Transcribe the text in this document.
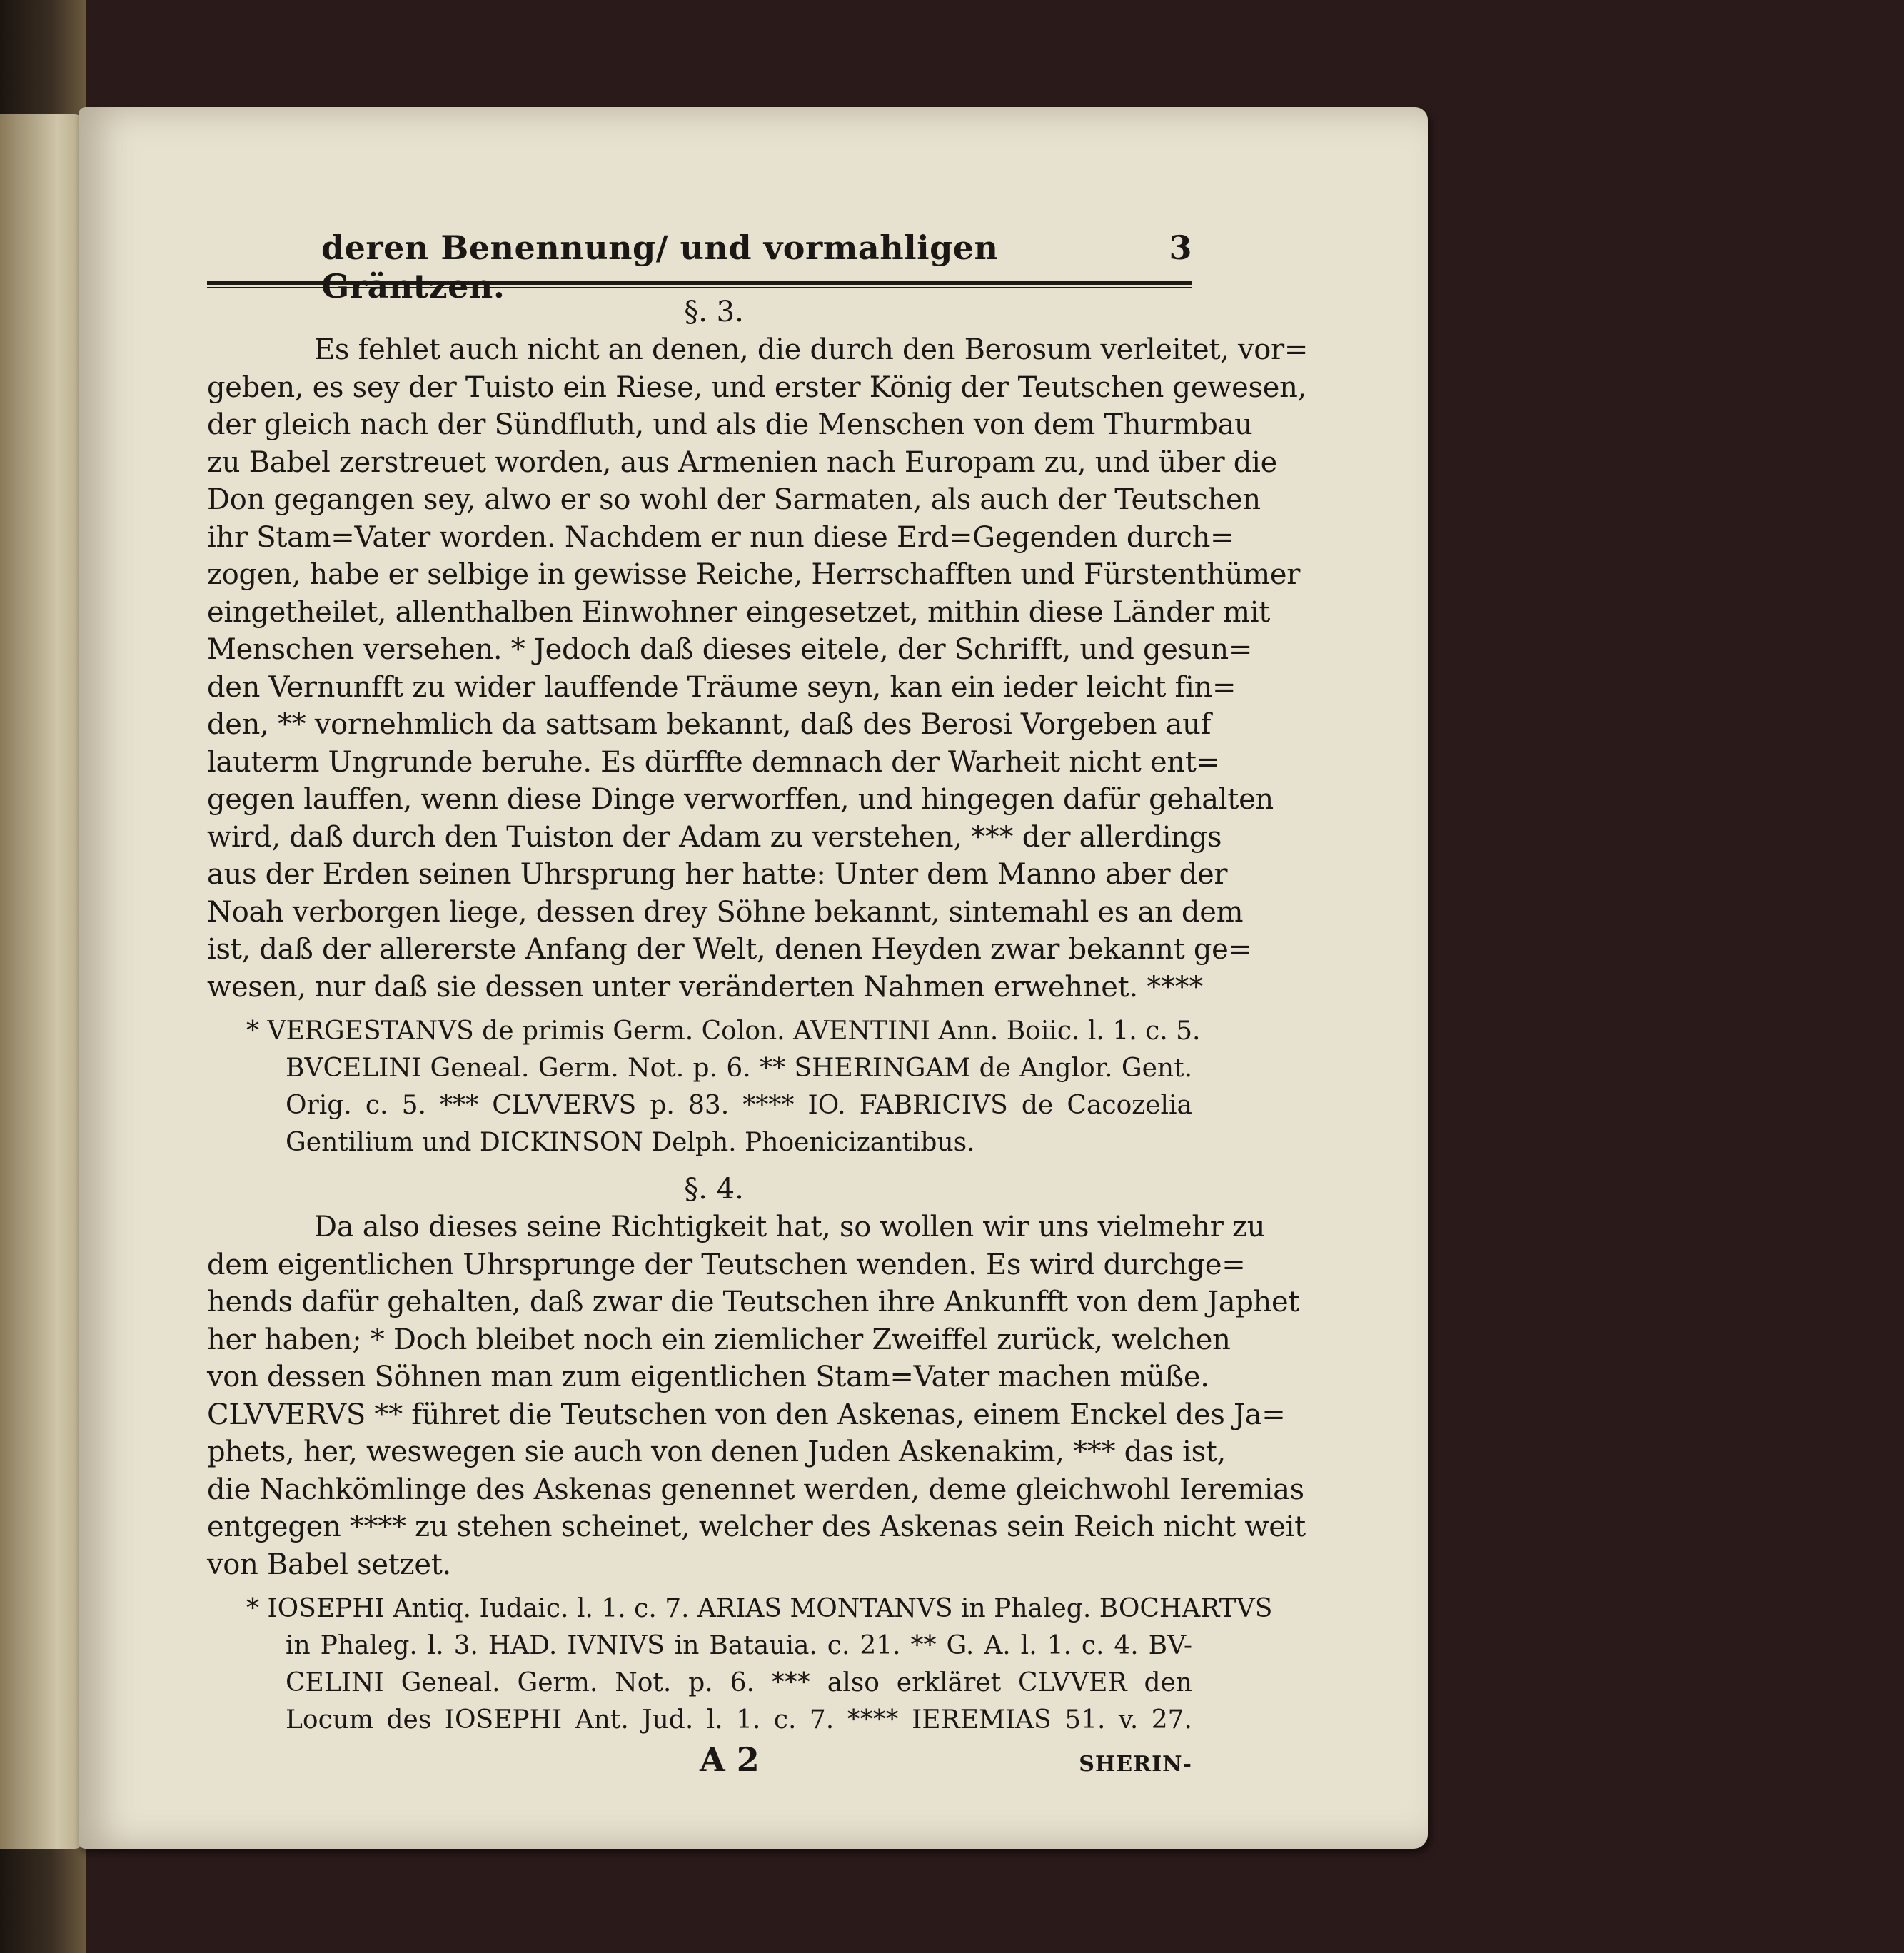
deren Benennung/ und vormahligen Gräntzen.
3
§. 3.

Es fehlet auch nicht an denen, die durch den Berosum verleitet, vor=

geben, es sey der Tuisto ein Riese, und erster König der Teutschen gewesen,

der gleich nach der Sündfluth, und als die Menschen von dem Thurmbau

zu Babel zerstreuet worden, aus Armenien nach Europam zu, und über die

Don gegangen sey, alwo er so wohl der Sarmaten, als auch der Teutschen

ihr Stam=Vater worden. Nachdem er nun diese Erd=Gegenden durch=

zogen, habe er selbige in gewisse Reiche, Herrschafften und Fürstenthümer

eingetheilet, allenthalben Einwohner eingesetzet, mithin diese Länder mit

Menschen versehen. * Jedoch daß dieses eitele, der Schrifft, und gesun=

den Vernunfft zu wider lauffende Träume seyn, kan ein ieder leicht fin=

den, ** vornehmlich da sattsam bekannt, daß des Berosi Vorgeben auf

lauterm Ungrunde beruhe. Es dürffte demnach der Warheit nicht ent=

gegen lauffen, wenn diese Dinge verworffen, und hingegen dafür gehalten

wird, daß durch den Tuiston der Adam zu verstehen, *** der allerdings

aus der Erden seinen Uhrsprung her hatte: Unter dem Manno aber der

Noah verborgen liege, dessen drey Söhne bekannt, sintemahl es an dem

ist, daß der allererste Anfang der Welt, denen Heyden zwar bekannt ge=

wesen, nur daß sie dessen unter veränderten Nahmen erwehnet. ****

* VERGESTANVS de primis Germ. Colon. AVENTINI Ann. Boiic. l. 1. c. 5.

BVCELINI Geneal. Germ. Not. p. 6. ** SHERINGAM de Anglor. Gent.

Orig. c. 5. *** CLVVERVS p. 83. **** IO. FABRICIVS de Cacozelia

Gentilium und DICKINSON Delph. Phoenicizantibus.

§. 4.

Da also dieses seine Richtigkeit hat, so wollen wir uns vielmehr zu

dem eigentlichen Uhrsprunge der Teutschen wenden. Es wird durchge=

hends dafür gehalten, daß zwar die Teutschen ihre Ankunfft von dem Japhet

her haben; * Doch bleibet noch ein ziemlicher Zweiffel zurück, welchen

von dessen Söhnen man zum eigentlichen Stam=Vater machen müße.

CLVVERVS ** führet die Teutschen von den Askenas, einem Enckel des Ja=

phets, her, weswegen sie auch von denen Juden Askenakim, *** das ist,

die Nachkömlinge des Askenas genennet werden, deme gleichwohl Ieremias

entgegen **** zu stehen scheinet, welcher des Askenas sein Reich nicht weit

von Babel setzet.

* IOSEPHI Antiq. Iudaic. l. 1. c. 7. ARIAS MONTANVS in Phaleg. BOCHARTVS

in Phaleg. l. 3. HAD. IVNIVS in Batauia. c. 21. ** G. A. l. 1. c. 4. BV-

CELINI Geneal. Germ. Not. p. 6. *** also erkläret CLVVER den

Locum des IOSEPHI Ant. Jud. l. 1. c. 7. **** IEREMIAS 51. v. 27.

A 2	SHERIN-
